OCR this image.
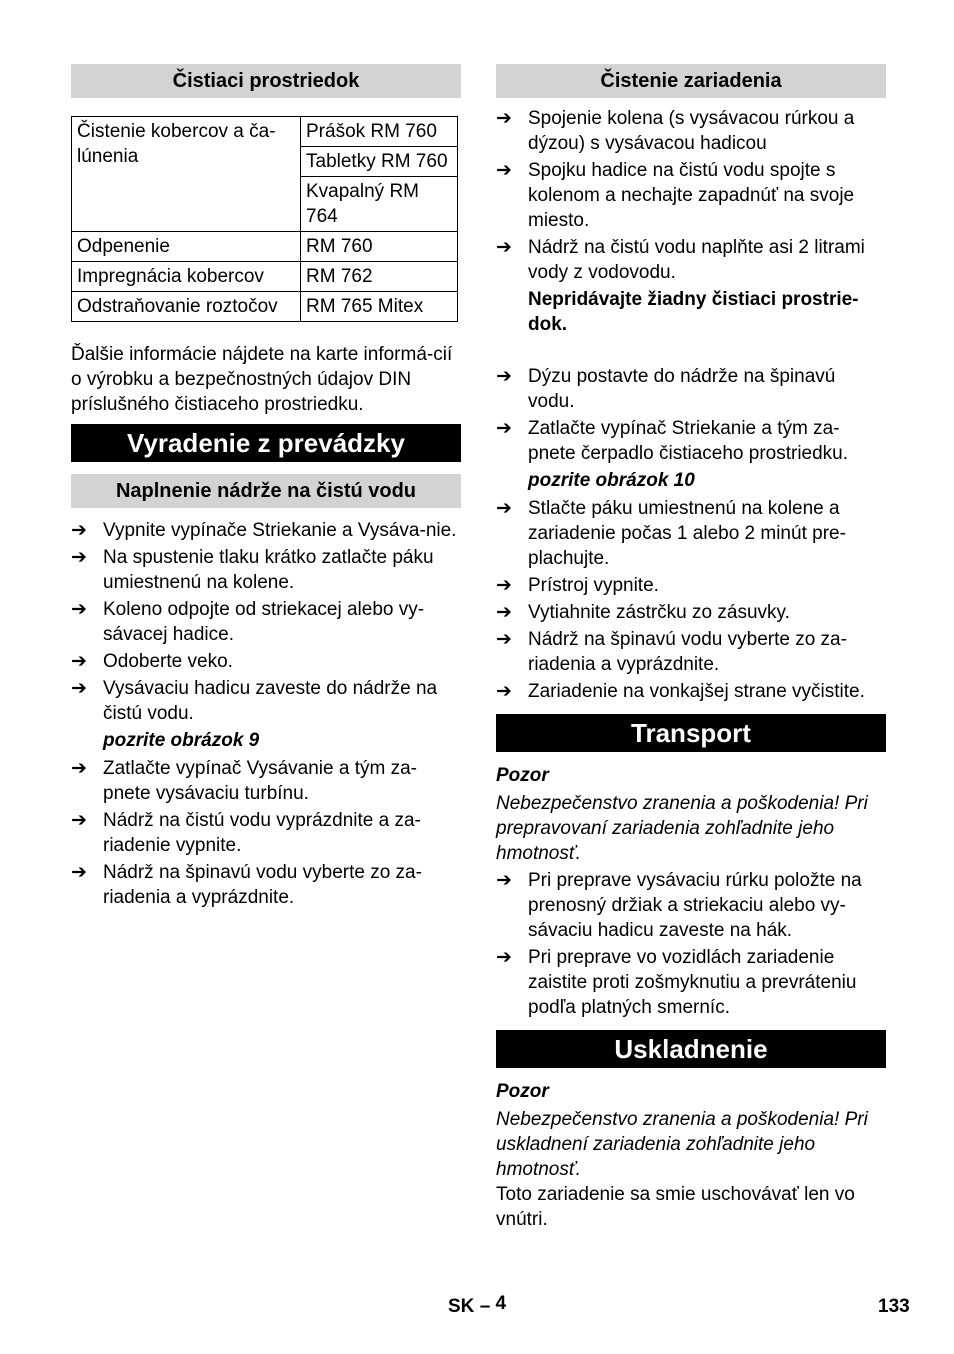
Čistiaci prostriedok
Čistenie kobercov a ča-lúnenia	Prášok RM 760
	Tabletky RM 760
	Kvapalný RM 764
Odpenenie	RM 760
Impregnácia kobercov	RM 762
Odstraňovanie roztočov	RM 765 Mitex

Ďalšie informácie nájdete na karte informá-cií o výrobku a bezpečnostných údajov DIN príslušného čistiaceho prostriedku.

Vyradenie z prevádzky
Naplnenie nádrže na čistú vodu
➔ Vypnite vypínače Striekanie a Vysáva-nie.
➔ Na spustenie tlaku krátko zatlačte páku umiestnenú na kolene.
➔ Koleno odpojte od striekacej alebo vy-sávacej hadice.
➔ Odoberte veko.
➔ Vysávaciu hadicu zaveste do nádrže na čistú vodu.
pozrite obrázok 9
➔ Zatlačte vypínač Vysávanie a tým za-pnete vysávaciu turbínu.
➔ Nádrž na čistú vodu vyprázdnite a za-riadenie vypnite.
➔ Nádrž na špinavú vodu vyberte zo za-riadenia a vyprázdnite.
Čistenie zariadenia
➔ Spojenie kolena (s vysávacou rúrkou a dýzou) s vysávacou hadicou
➔ Spojku hadice na čistú vodu spojte s kolenom a nechajte zapadnúť na svoje miesto.
➔ Nádrž na čistú vodu naplňte asi 2 litrami vody z vodovodu.
Nepridávajte žiadny čistiaci prostrie-dok.
➔ Dýzu postavte do nádrže na špinavú vodu.
➔ Zatlačte vypínač Striekanie a tým za-pnete čerpadlo čistiaceho prostriedku.
pozrite obrázok 10
➔ Stlačte páku umiestnenú na kolene a zariadenie počas 1 alebo 2 minút pre-plachujte.
➔ Prístroj vypnite.
➔ Vytiahnite zástrčku zo zásuvky.
➔ Nádrž na špinavú vodu vyberte zo za-riadenia a vyprázdnite.
➔ Zariadenie na vonkajšej strane vyčistite.
Transport
Pozor
Nebezpečenstvo zranenia a poškodenia! Pri prepravovaní zariadenia zohľadnite jeho hmotnosť.
➔ Pri preprave vysávaciu rúrku položte na prenosný držiak a striekaciu alebo vy-sávaciu hadicu zaveste na hák.
➔ Pri preprave vo vozidlách zariadenie zaistite proti zošmyknutiu a prevráteniu podľa platných smerníc.
Uskladnenie
Pozor
Nebezpečenstvo zranenia a poškodenia! Pri uskladnení zariadenia zohľadnite jeho hmotnosť.

Toto zariadenie sa smie uschovávať len vo vnútri.

SK – 4	133
